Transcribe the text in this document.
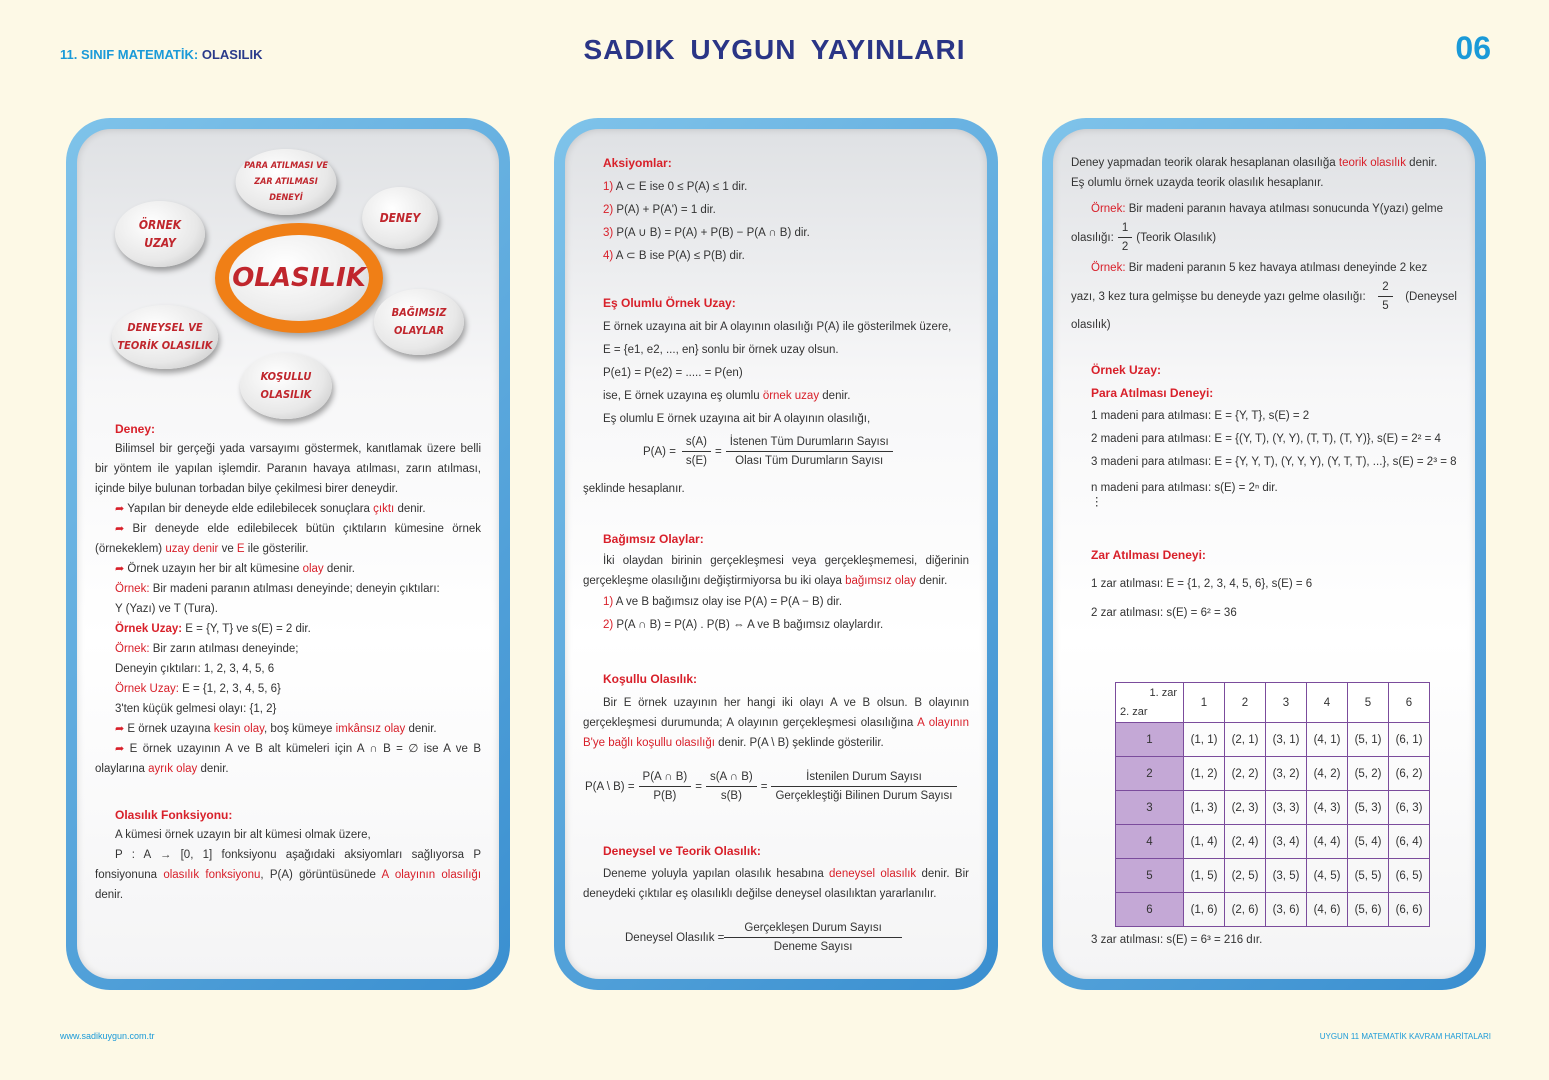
11. SINIF MATEMATİK: OLASILIK	SADIK UYGUN YAYINLARI	06
PARA ATILMASI VE
ZAR ATILMASI
DENEYİ
ÖRNEK
UZAY
DENEY
OLASILIK
DENEYSEL VE
TEORİK OLASILIK
BAĞIMSIZ
OLAYLAR
KOŞULLU
OLASILIK

Deney:

Bilimsel bir gerçeği yada varsayımı göstermek, kanıtlamak üzere belli bir yöntem ile yapılan işlemdir. Paranın havaya atılması, zarın atılması, içinde bilye bulunan torbadan bilye çekilmesi birer deneydir.

➦ Yapılan bir deneyde elde edilebilecek sonuçlara çıktı denir.

➦ Bir deneyde elde edilebilecek bütün çıktıların kümesine örnek (örnekeklem) uzay denir ve E ile gösterilir.

➦ Örnek uzayın her bir alt kümesine olay denir.

Örnek: Bir madeni paranın atılması deneyinde; deneyin çıktıları:

Y (Yazı) ve T (Tura).

Örnek Uzay: E = {Y, T} ve s(E) = 2 dir.

Örnek: Bir zarın atılması deneyinde;

Deneyin çıktıları: 1, 2, 3, 4, 5, 6

Örnek Uzay: E = {1, 2, 3, 4, 5, 6}

3'ten küçük gelmesi olayı: {1, 2}

➦ E örnek uzayına kesin olay, boş kümeye imkânsız olay denir.

➦ E örnek uzayının A ve B alt kümeleri için A ∩ B = ∅ ise A ve B olaylarına ayrık olay denir.

Olasılık Fonksiyonu:

A kümesi örnek uzayın bir alt kümesi olmak üzere,

P : A → [0, 1] fonksiyonu aşağıdaki aksiyomları sağlıyorsa P fonsiyonuna olasılık fonksiyonu, P(A) görüntüsünede A olayının olasılığı denir.

Aksiyomlar:

1) A ⊂ E ise 0 ≤ P(A) ≤ 1 dir.

2) P(A) + P(A') = 1 dir.

3) P(A ∪ B) = P(A) + P(B) − P(A ∩ B) dir.

4) A ⊂ B ise P(A) ≤ P(B) dir.

Eş Olumlu Örnek Uzay:

E örnek uzayına ait bir A olayının olasılığı P(A) ile gösterilmek üzere,

E = {e1, e2, ..., en} sonlu bir örnek uzay olsun.

P(e1) = P(e2) = ..... = P(en)

ise, E örnek uzayına eş olumlu örnek uzay denir.

Eş olumlu E örnek uzayına ait bir A olayının olasılığı,

$P(A) = \frac{s(A)}{s(E)} = \frac{\text{İstenen Tüm Durumların Sayısı}}{\text{Olası Tüm Durumların Sayısı}}$

şeklinde hesaplanır.

Bağımsız Olaylar:

İki olaydan birinin gerçekleşmesi veya gerçekleşmemesi, diğerinin gerçekleşme olasılığını değiştirmiyorsa bu iki olaya bağımsız olay denir.

1) A ve B bağımsız olay ise P(A) = P(A − B) dir.

2) P(A ∩ B) = P(A) . P(B) ⇔ A ve B bağımsız olaylardır.

Koşullu Olasılık:

Bir E örnek uzayının her hangi iki olayı A ve B olsun. B olayının gerçekleşmesi durumunda; A olayının gerçekleşmesi olasılığına A olayının B'ye bağlı koşullu olasılığı denir. P(A \ B) şeklinde gösterilir.

P(A \ $B) = \frac{P(A \cap B)}{P(B)} = \frac{s(A \cap B)}{s(B)} = \frac{\text{İstenilen Durum Sayısı}}{\text{Gerçekleştiği Bilinen Durum Sayısı}}$

Deneysel ve Teorik Olasılık:

Deneme yoluyla yapılan olasılık hesabına deneysel olasılık denir. Bir deneydeki çıktılar eş olasılıklı değilse deneysel olasılıktan yararlanılır.

Deneysel Olasılık = $\frac{\text{Gerçekleşen Durum Sayısı}}{\text{Deneme Sayısı}}$

Deney yapmadan teorik olarak hesaplanan olasılığa teorik olasılık denir.

Eş olumlu örnek uzayda teorik olasılık hesaplanır.

Örnek: Bir madeni paranın havaya atılması sonucunda Y(yazı) gelme

olasılığı: $\frac{1}{2}$ (Teorik Olasılık)

Örnek: Bir madeni paranın 5 kez havaya atılması deneyinde 2 kez

yazı, 3 kez tura gelmişse bu deneyde yazı gelme olasılığı: $\frac{2}{5}$ (Deneysel

olasılık)

Örnek Uzay:

Para Atılması Deneyi:

1 madeni para atılması: E = {Y, T}, s(E) = 2

2 madeni para atılması: E = {(Y, T), (Y, Y), (T, T), (T, Y)}, s(E) = 2² = 4

3 madeni para atılması: E = {Y, Y, T), (Y, Y, Y), (Y, T, T), ...}, s(E) = 2³ = 8

n madeni para atılması: s(E) = 2ⁿ dir.

⋮

Zar Atılması Deneyi:

1 zar atılması: E = {1, 2, 3, 4, 5, 6}, s(E) = 6

2 zar atılması: s(E) = 6² = 36

1. zar
2. zar	1	2	3	4	5	6
1	(1, 1)	(2, 1)	(3, 1)	(4, 1)	(5, 1)	(6, 1)
2	(1, 2)	(2, 2)	(3, 2)	(4, 2)	(5, 2)	(6, 2)
3	(1, 3)	(2, 3)	(3, 3)	(4, 3)	(5, 3)	(6, 3)
4	(1, 4)	(2, 4)	(3, 4)	(4, 4)	(5, 4)	(6, 4)
5	(1, 5)	(2, 5)	(3, 5)	(4, 5)	(5, 5)	(6, 5)
6	(1, 6)	(2, 6)	(3, 6)	(4, 6)	(5, 6)	(6, 6)

3 zar atılması: s(E) = 6³ = 216 dır.

www.sadikuygun.com.tr	UYGUN 11 MATEMATİK KAVRAM HARİTALARI
